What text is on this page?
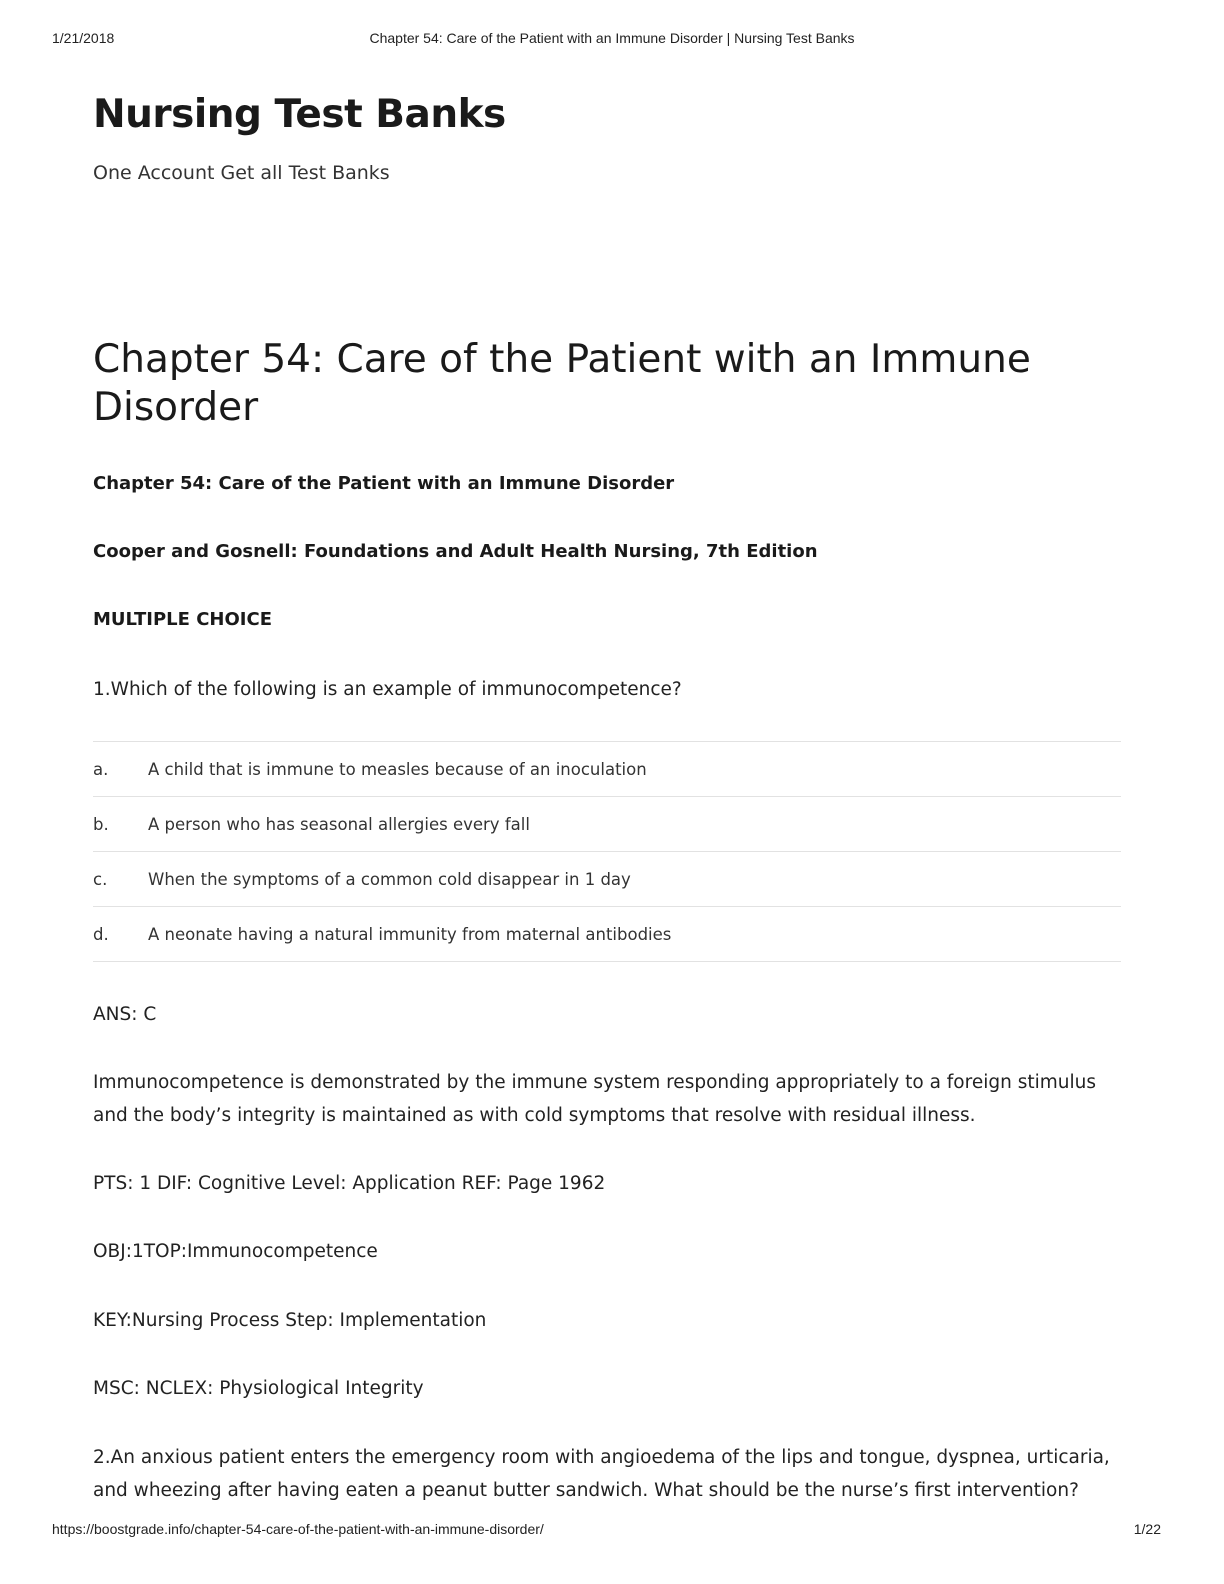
1/21/2018	Chapter 54: Care of the Patient with an Immune Disorder | Nursing Test Banks
Nursing Test Banks

One Account Get all Test Banks

Chapter 54: Care of the Patient with an Immune Disorder

Chapter 54: Care of the Patient with an Immune Disorder

Cooper and Gosnell: Foundations and Adult Health Nursing, 7th Edition

MULTIPLE CHOICE

1.Which of the following is an example of immunocompetence?

a.	A child that is immune to measles because of an inoculation
b.	A person who has seasonal allergies every fall
c.	When the symptoms of a common cold disappear in 1 day
d.	A neonate having a natural immunity from maternal antibodies

ANS: C

Immunocompetence is demonstrated by the immune system responding appropriately to a foreign stimulus and the body’s integrity is maintained as with cold symptoms that resolve with residual illness.

PTS: 1 DIF: Cognitive Level: Application REF: Page 1962

OBJ:1TOP:Immunocompetence

KEY:Nursing Process Step: Implementation

MSC: NCLEX: Physiological Integrity

2.An anxious patient enters the emergency room with angioedema of the lips and tongue, dyspnea, urticaria, and wheezing after having eaten a peanut butter sandwich. What should be the nurse’s first intervention?

https://boostgrade.info/chapter-54-care-of-the-patient-with-an-immune-disorder/	1/22
